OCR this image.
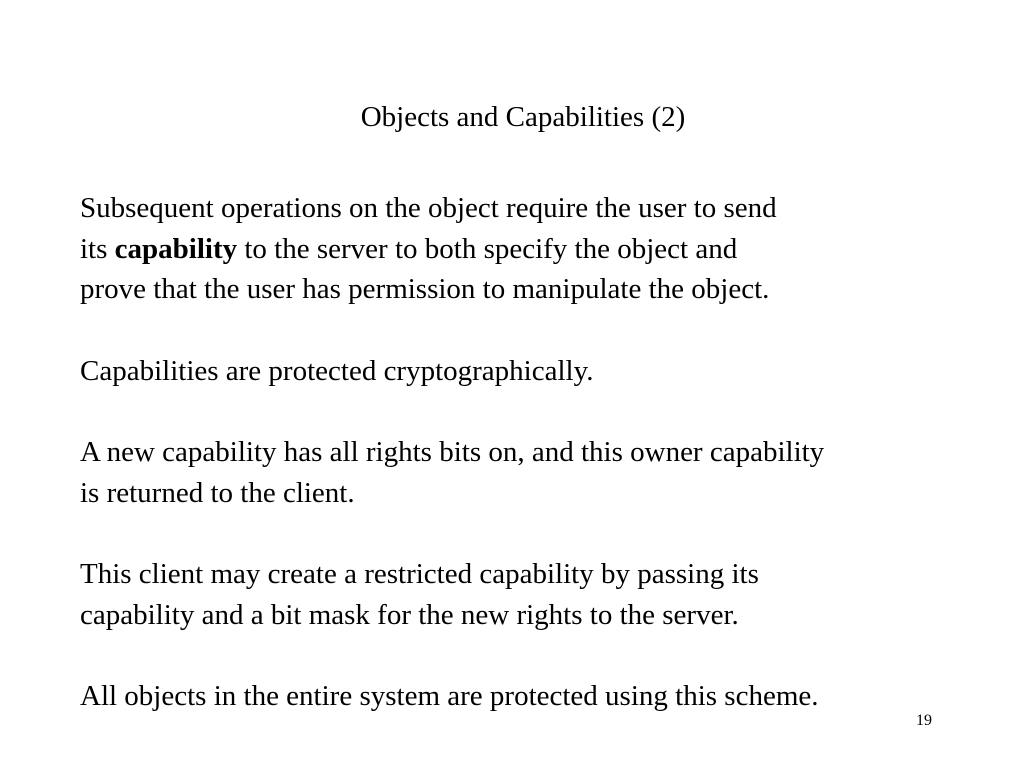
Objects and Capabilities (2)

Subsequent operations on the object require the user to send
its capability to the server to both specify the object and
prove that the user has permission to manipulate the object.

Capabilities are protected cryptographically.

A new capability has all rights bits on, and this owner capability
is returned to the client.

This client may create a restricted capability by passing its
capability and a bit mask for the new rights to the server.

All objects in the entire system are protected using this scheme.

19
